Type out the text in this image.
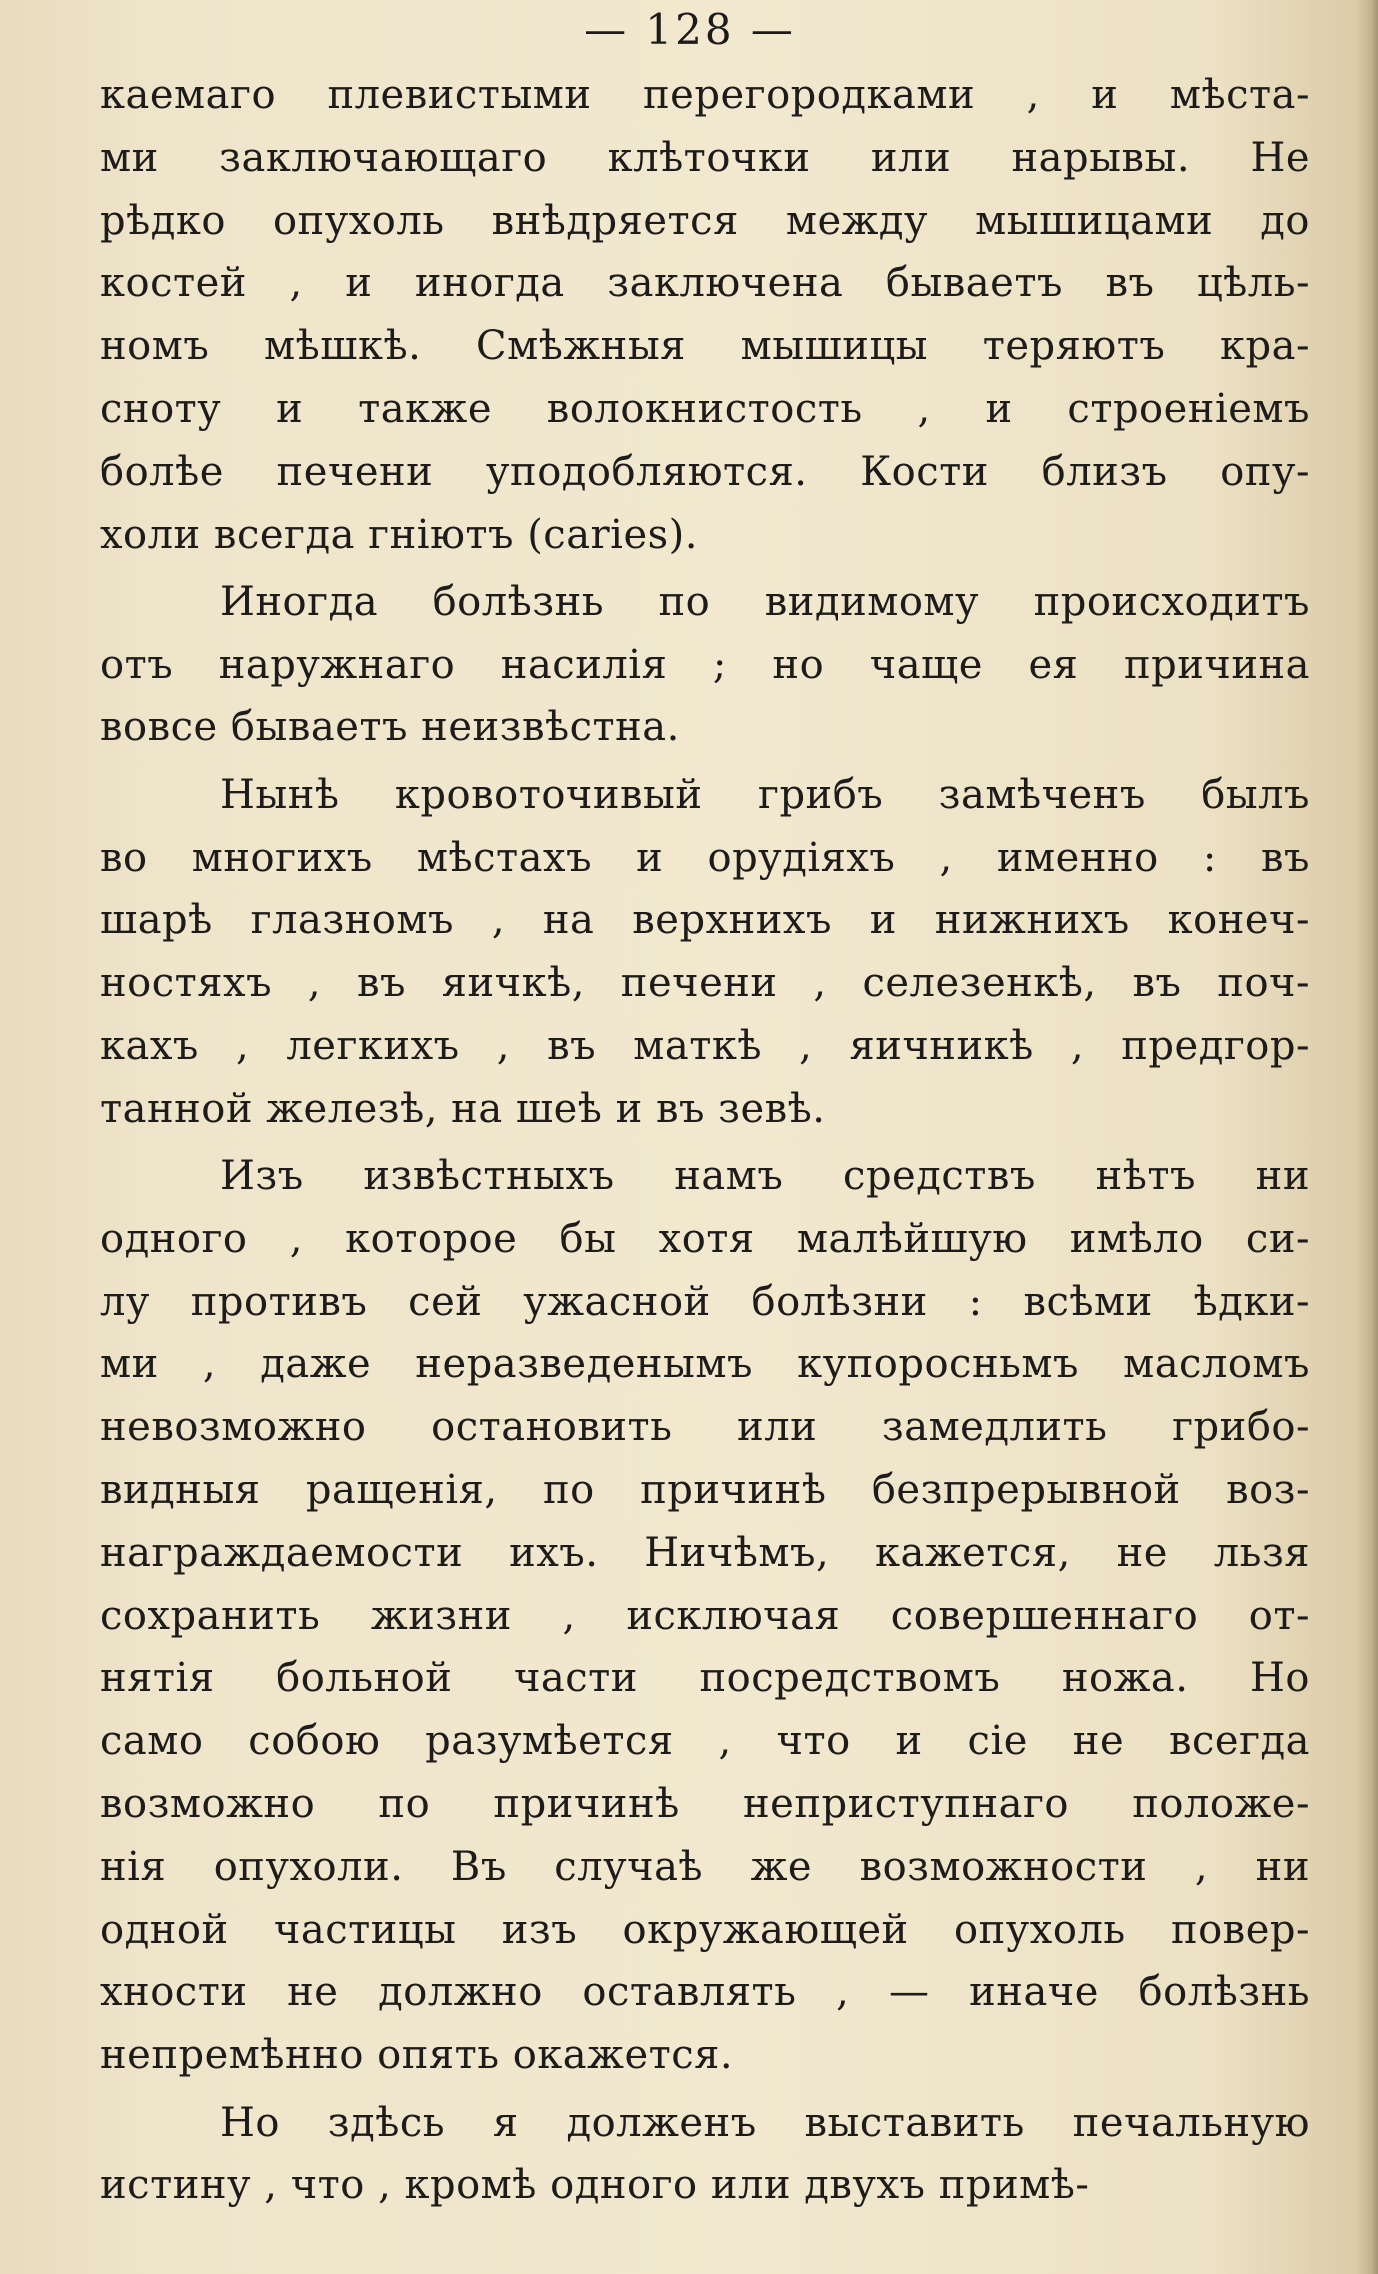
— 128 —
каемаго плевистыми перегородками , и мѣста-
ми заключающаго клѣточки или нарывы. Не
рѣдко опухоль внѣдряется между мышицами до
костей , и иногда заключена бываетъ въ цѣль-
номъ мѣшкѣ. Смѣжныя мышицы теряютъ кра-
сноту и также волокнистость , и строеніемъ
болѣе печени уподобляются. Кости близъ опу-
холи всегда гніютъ (caries).
Иногда болѣзнь по видимому происходитъ
отъ наружнаго насилія ; но чаще ея причина
вовсе бываетъ неизвѣстна.
Нынѣ кровоточивый грибъ замѣченъ былъ
во многихъ мѣстахъ и орудіяхъ , именно : въ
шарѣ глазномъ , на верхнихъ и нижнихъ конеч-
ностяхъ , въ яичкѣ, печени , селезенкѣ, въ поч-
кахъ , легкихъ , въ маткѣ , яичникѣ , предгор-
танной железѣ, на шеѣ и въ зевѣ.
Изъ извѣстныхъ намъ средствъ нѣтъ ни
одного , которое бы хотя малѣйшую имѣло си-
лу противъ сей ужасной болѣзни : всѣми ѣдки-
ми , даже неразведенымъ купоросньмъ масломъ
невозможно остановить или замедлить грибо-
видныя ращенія, по причинѣ безпрерывной воз-
награждаемости ихъ. Ничѣмъ, кажется, не льзя
сохранить жизни , исключая совершеннаго от-
нятія больной части посредствомъ ножа. Но
само собою разумѣется , что и сіе не всегда
возможно по причинѣ неприступнаго положе-
нія опухоли. Въ случаѣ же возможности , ни
одной частицы изъ окружающей опухоль повер-
хности не должно оставлять , — иначе болѣзнь
непремѣнно опять окажется.
Но здѣсь я долженъ выставить печальную
истину , что , кромѣ одного или двухъ примѣ-
